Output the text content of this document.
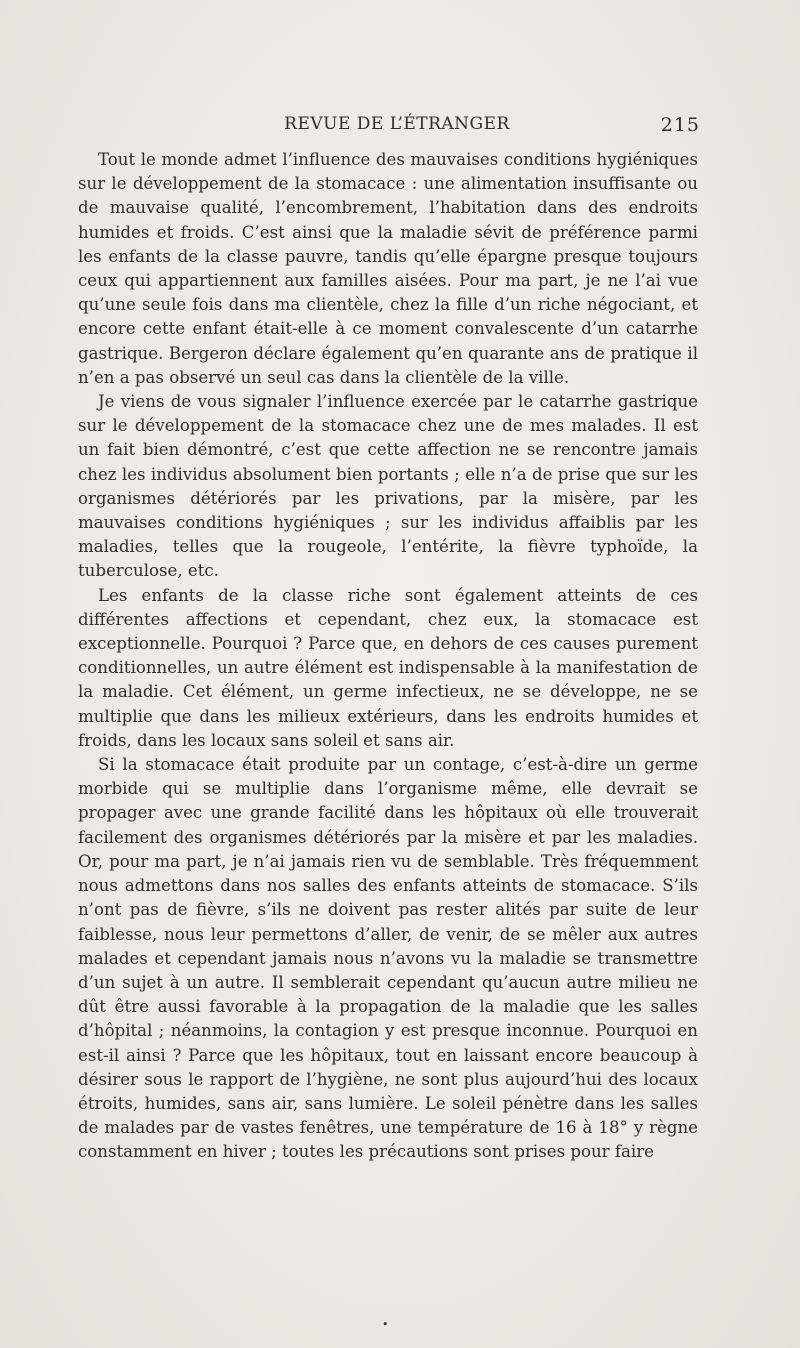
REVUE DE L’ÉTRANGER	215

Tout le monde admet l’influence des mauvaises conditions hygiéniques sur le développement de la stomacace : une alimentation insuffisante ou de mauvaise qualité, l’encombrement, l’habitation dans des endroits humides et froids. C’est ainsi que la maladie sévit de préférence parmi les enfants de la classe pauvre, tandis qu’elle épargne presque toujours ceux qui appartiennent aux familles aisées. Pour ma part, je ne l’ai vue qu’une seule fois dans ma clientèle, chez la fille d’un riche négociant, et encore cette enfant était-elle à ce moment convalescente d’un catarrhe gastrique. Bergeron déclare également qu’en quarante ans de pratique il n’en a pas observé un seul cas dans la clientèle de la ville.

Je viens de vous signaler l’influence exercée par le catarrhe gastrique sur le développement de la stomacace chez une de mes malades. Il est un fait bien démontré, c’est que cette affection ne se rencontre jamais chez les individus absolument bien portants ; elle n’a de prise que sur les organismes détériorés par les privations, par la misère, par les mauvaises conditions hygiéniques ; sur les individus affaiblis par les maladies, telles que la rougeole, l’entérite, la fièvre typhoïde, la tuberculose, etc.

Les enfants de la classe riche sont également atteints de ces différentes affections et cependant, chez eux, la stomacace est exceptionnelle. Pourquoi ? Parce que, en dehors de ces causes purement conditionnelles, un autre élément est indispensable à la manifestation de la maladie. Cet élément, un germe infectieux, ne se développe, ne se multiplie que dans les milieux extérieurs, dans les endroits humides et froids, dans les locaux sans soleil et sans air.

Si la stomacace était produite par un contage, c’est-à-dire un germe morbide qui se multiplie dans l’organisme même, elle devrait se propager avec une grande facilité dans les hôpitaux où elle trouverait facilement des organismes détériorés par la misère et par les maladies. Or, pour ma part, je n’ai jamais rien vu de semblable. Très fréquemment nous admettons dans nos salles des enfants atteints de stomacace. S’ils n’ont pas de fièvre, s’ils ne doivent pas rester alités par suite de leur faiblesse, nous leur permettons d’aller, de venir, de se mêler aux autres malades et cependant jamais nous n’avons vu la maladie se transmettre d’un sujet à un autre. Il semblerait cependant qu’aucun autre milieu ne dût être aussi favorable à la propagation de la maladie que les salles d’hôpital ; néanmoins, la contagion y est presque inconnue. Pourquoi en est-il ainsi ? Parce que les hôpitaux, tout en laissant encore beaucoup à désirer sous le rapport de l’hygiène, ne sont plus aujourd’hui des locaux étroits, humides, sans air, sans lumière. Le soleil pénètre dans les salles de malades par de vastes fenêtres, une température de 16 à 18° y règne constamment en hiver ; toutes les précautions sont prises pour faire

•
